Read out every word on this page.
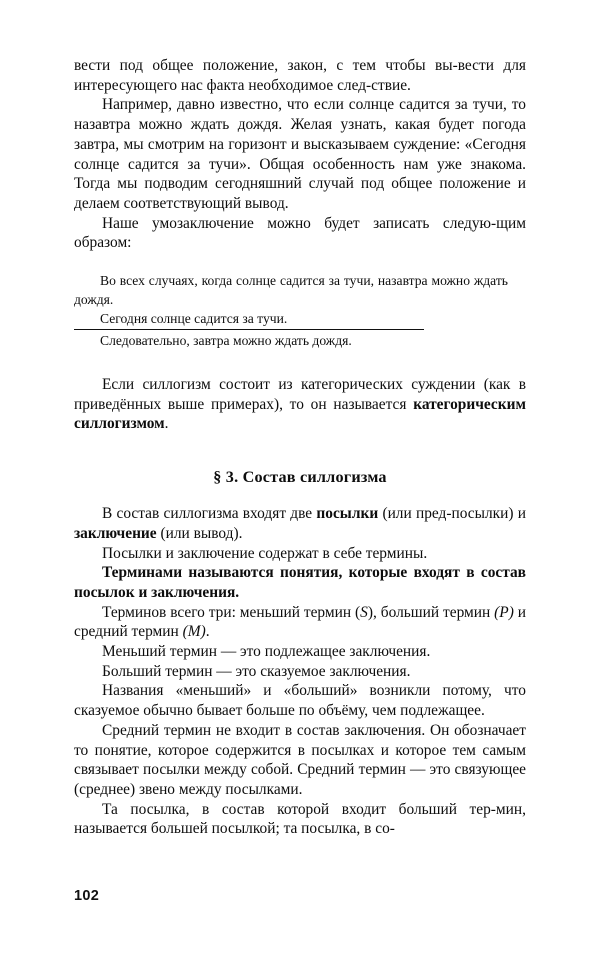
вести под общее положение, закон, с тем чтобы вы-вести для интересующего нас факта необходимое след-ствие.

Например, давно известно, что если солнце садится за тучи, то назавтра можно ждать дождя. Желая узнать, какая будет погода завтра, мы смотрим на горизонт и высказываем суждение: «Сегодня солнце садится за тучи». Общая особенность нам уже знакома. Тогда мы подводим сегодняшний случай под общее положение и делаем соответствующий вывод.

Наше умозаключение можно будет записать следую-щим образом:

Во всех случаях, когда солнце садится за тучи, назавтра можно ждать дождя.

Сегодня солнце садится за тучи.

Следовательно, завтра можно ждать дождя.

Если силлогизм состоит из категорических суждении (как в приведённых выше примерах), то он называется категорическим силлогизмом.

§ 3. Состав силлогизма

В состав силлогизма входят две посылки (или пред-посылки) и заключение (или вывод).

Посылки и заключение содержат в себе термины.

Терминами называются понятия, которые входят в состав посылок и заключения.

Терминов всего три: меньший термин (S), больший термин (P) и средний термин (M).

Меньший термин — это подлежащее заключения.

Больший термин — это сказуемое заключения.

Названия «меньший» и «больший» возникли потому, что сказуемое обычно бывает больше по объёму, чем подлежащее.

Средний термин не входит в состав заключения. Он обозначает то понятие, которое содержится в посылках и которое тем самым связывает посылки между собой. Средний термин — это связующее (среднее) звено между посылками.

Та посылка, в состав которой входит больший тер-мин, называется большей посылкой; та посылка, в со-

102
